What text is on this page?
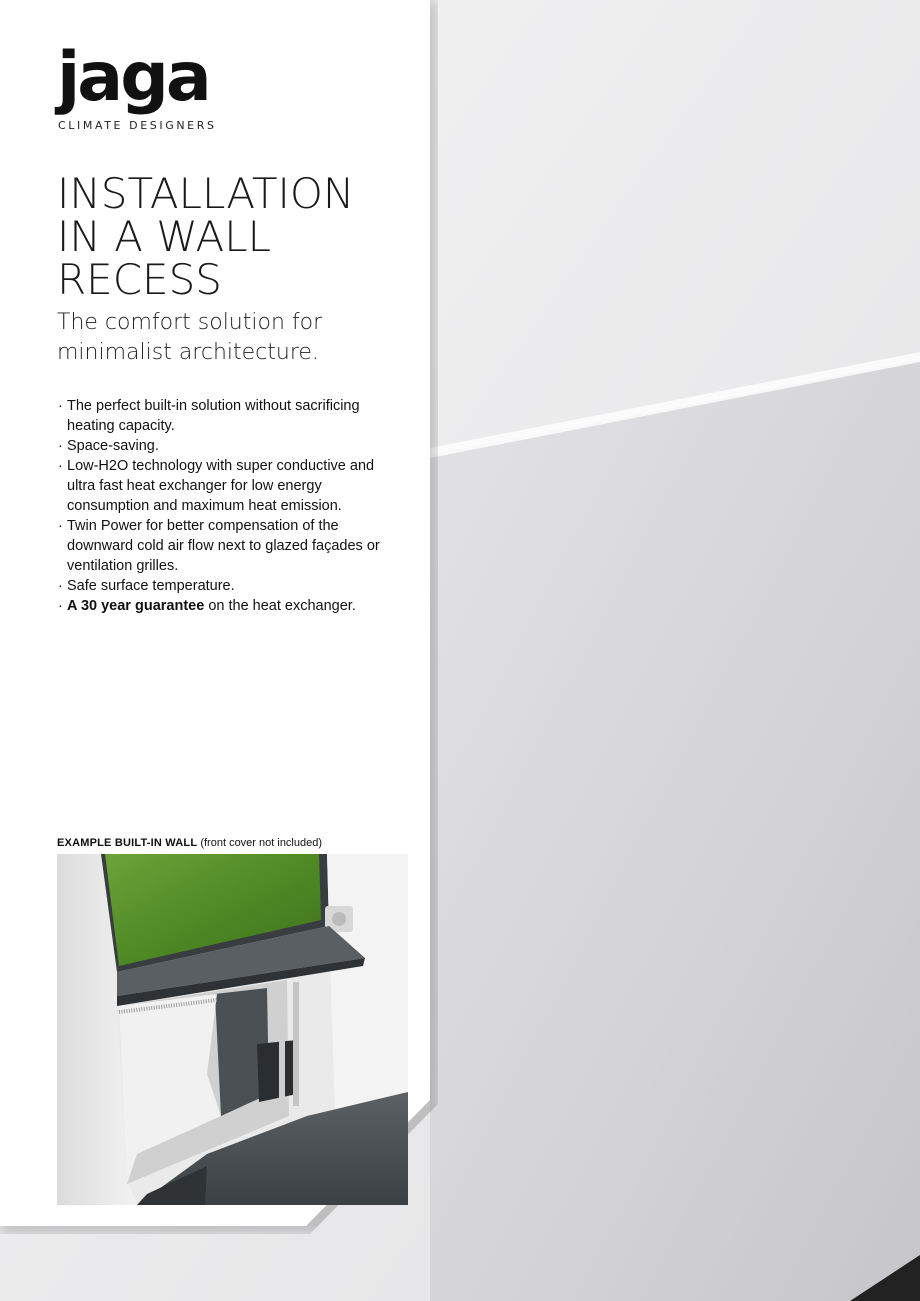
jaga
CLIMATE DESIGNERS
INSTALLATION
IN A WALL
RECESS

The comfort solution for minimalist architecture.

· The perfect built-in solution without sacrificing heating capacity.
· Space-saving.
· Low-H2O technology with super conductive and ultra fast heat exchanger for low energy consumption and maximum heat emission.
· Twin Power for better compensation of the downward cold air flow next to glazed façades or ventilation grilles.
· Safe surface temperature.
· A 30 year guarantee on the heat exchanger.
EXAMPLE BUILT-IN WALL (front cover not included)
